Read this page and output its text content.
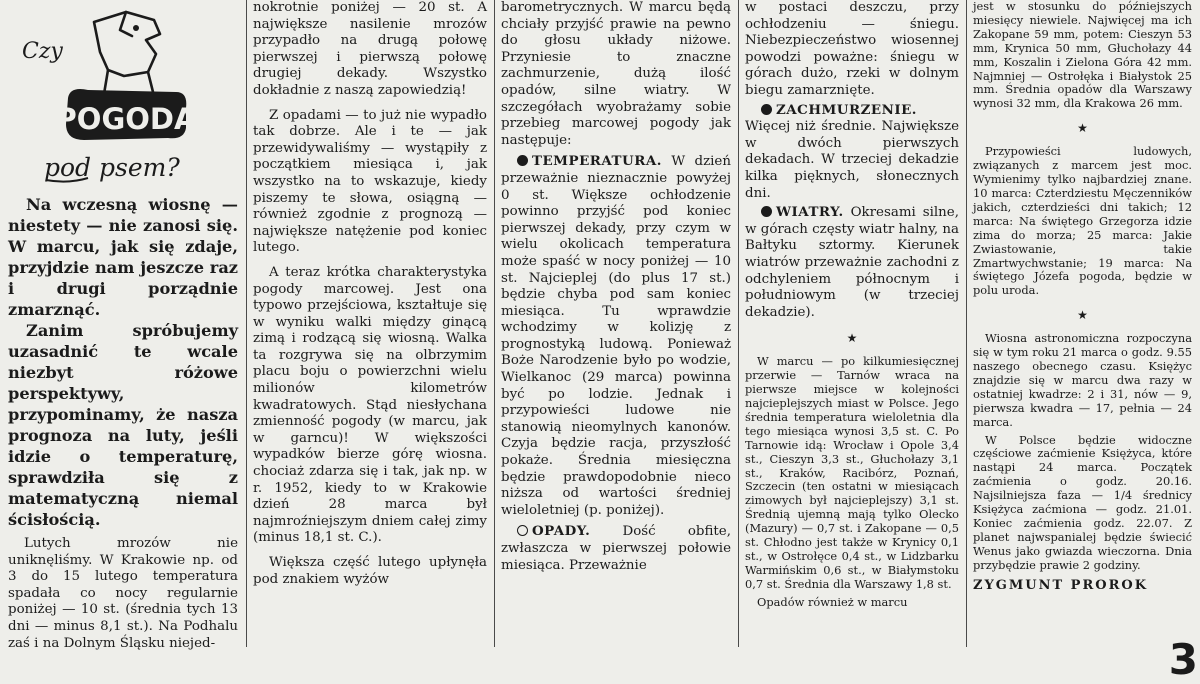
Czy
POGODA
pod psem?

Na wczesną wiosnę — niestety — nie zanosi się. W marcu, jak się zdaje, przyjdzie nam jeszcze raz i drugi porządnie zmarznąć.

Zanim spróbujemy uzasadnić te wcale niezbyt różowe perspektywy, przypominamy, że nasza prognoza na luty, jeśli idzie o temperaturę, sprawdziła się z matematyczną niemal ścisłością.

Lutych mrozów nie uniknęliśmy. W Krakowie np. od 3 do 15 lutego temperatura spadała co nocy regularnie poniżej — 10 st. (średnia tych 13 dni — minus 8,1 st.). Na Podhalu zaś i na Dolnym Śląsku niejed-

nokrotnie poniżej — 20 st. A największe nasilenie mrozów przypadło na drugą połowę pierwszej i pierwszą połowę drugiej dekady. Wszystko dokładnie z naszą zapowiedzią!

Z opadami — to już nie wypadło tak dobrze. Ale i te — jak przewidywaliśmy — wystąpiły z początkiem miesiąca i, jak wszystko na to wskazuje, kiedy piszemy te słowa, osiągną — również zgodnie z prognozą — największe natężenie pod koniec lutego.

A teraz krótka charakterystyka pogody marcowej. Jest ona typowo przejściowa, kształtuje się w wyniku walki między ginącą zimą i rodzącą się wiosną. Walka ta rozgrywa się na olbrzymim placu boju o powierzchni wielu milionów kilometrów kwadratowych. Stąd niesłychana zmienność pogody (w marcu, jak w garncu)! W większości wypadków bierze górę wiosna. chociaż zdarza się i tak, jak np. w r. 1952, kiedy to w Krakowie dzień 28 marca był najmroźniejszym dniem całej zimy (minus 18,1 st. C.).

Większa część lutego upłynęła pod znakiem wyżów

barometrycznych. W marcu będą chciały przyjść prawie na pewno do głosu układy niżowe. Przyniesie to znaczne zachmurzenie, dużą ilość opadów, silne wiatry. W szczegółach wyobrażamy sobie przebieg marcowej pogody jak następuje:

TEMPERATURA. W dzień przeważnie nieznacznie powyżej 0 st. Większe ochłodzenie powinno przyjść pod koniec pierwszej dekady, przy czym w wielu okolicach temperatura może spaść w nocy poniżej — 10 st. Najcieplej (do plus 17 st.) będzie chyba pod sam koniec miesiąca. Tu wprawdzie wchodzimy w kolizję z prognostyką ludową. Ponieważ Boże Narodzenie było po wodzie, Wielkanoc (29 marca) powinna być po lodzie. Jednak i przypowieści ludowe nie stanowią nieomylnych kanonów. Czyja będzie racja, przyszłość pokaże. Średnia miesięczna będzie prawdopodobnie nieco niższa od wartości średniej wieloletniej (p. poniżej).

OPADY. Dość obfite, zwłaszcza w pierwszej połowie miesiąca. Przeważnie

w postaci deszczu, przy ochłodzeniu — śniegu. Niebezpieczeństwo wiosennej powodzi poważne: śniegu w górach dużo, rzeki w dolnym biegu zamarznięte.

ZACHMURZENIE. Więcej niż średnie. Największe w dwóch pierwszych dekadach. W trzeciej dekadzie kilka pięknych, słonecznych dni.

WIATRY. Okresami silne, w górach częsty wiatr halny, na Bałtyku sztormy. Kierunek wiatrów przeważnie zachodni z odchyleniem północnym i południowym (w trzeciej dekadzie).

★

W marcu — po kilkumiesięcznej przerwie — Tarnów wraca na pierwsze miejsce w kolejności najcieplejszych miast w Polsce. Jego średnia temperatura wieloletnia dla tego miesiąca wynosi 3,5 st. C. Po Tarnowie idą: Wrocław i Opole 3,4 st., Cieszyn 3,3 st., Głuchołazy 3,1 st., Kraków, Racibórz, Poznań, Szczecin (ten ostatni w miesiącach zimowych był najcieplejszy) 3,1 st. Średnią ujemną mają tylko Olecko (Mazury) — 0,7 st. i Zakopane — 0,5 st. Chłodno jest także w Krynicy 0,1 st., w Ostrołęce 0,4 st., w Lidzbarku Warmińskim 0,6 st., w Białymstoku 0,7 st. Średnia dla Warszawy 1,8 st.

Opadów również w marcu

jest w stosunku do późniejszych miesięcy niewiele. Najwięcej ma ich Zakopane 59 mm, potem: Cieszyn 53 mm, Krynica 50 mm, Głuchołazy 44 mm, Koszalin i Zielona Góra 42 mm. Najmniej — Ostrołęka i Białystok 25 mm. Średnia opadów dla Warszawy wynosi 32 mm, dla Krakowa 26 mm.

★

Przypowieści ludowych, związanych z marcem jest moc. Wymienimy tylko najbardziej znane. 10 marca: Czterdziestu Męczenników jakich, czterdzieści dni takich; 12 marca: Na świętego Grzegorza idzie zima do morza; 25 marca: Jakie Zwiastowanie, takie Zmartwychwstanie; 19 marca: Na świętego Józefa pogoda, będzie w polu uroda.

★

Wiosna astronomiczna rozpoczyna się w tym roku 21 marca o godz. 9.55 naszego obecnego czasu. Księżyc znajdzie się w marcu dwa razy w ostatniej kwadrze: 2 i 31, nów — 9, pierwsza kwadra — 17, pełnia — 24 marca.

W Polsce będzie widoczne częściowe zaćmienie Księżyca, które nastąpi 24 marca. Początek zaćmienia o godz. 20.16. Najsilniejsza faza — 1/4 średnicy Księżyca zaćmiona — godz. 21.01. Koniec zaćmienia godz. 22.07. Z planet najwspanialej będzie świecić Wenus jako gwiazda wieczorna. Dnia przybędzie prawie 2 godziny.

ZYGMUNT PROROK
3
